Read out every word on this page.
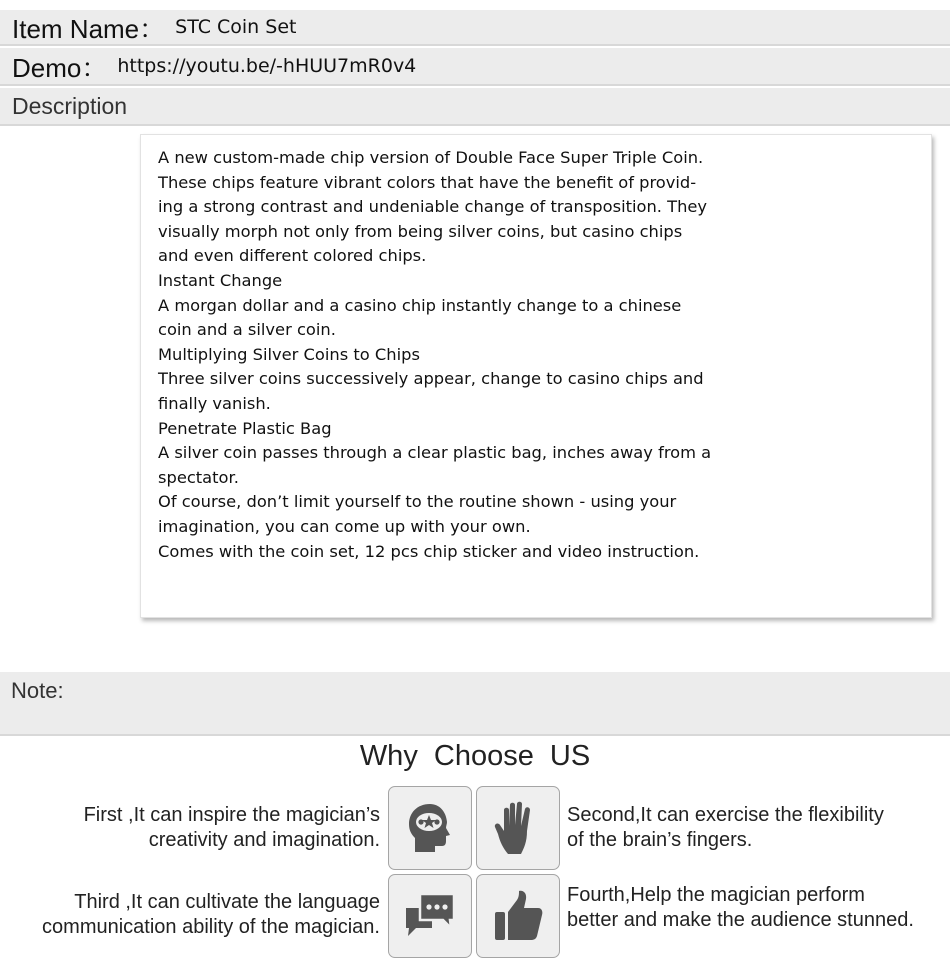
Item Name： STC Coin Set
Demo： https://youtu.be/-hHUU7mR0v4
Description

A new custom-made chip version of Double Face Super Triple Coin.

These chips feature vibrant colors that have the benefit of provid-

ing a strong contrast and undeniable change of transposition. They

visually morph not only from being silver coins, but casino chips

and even different colored chips.

Instant Change

A morgan dollar and a casino chip instantly change to a chinese

coin and a silver coin.

Multiplying Silver Coins to Chips

Three silver coins successively appear, change to casino chips and

finally vanish.

Penetrate Plastic Bag

A silver coin passes through a clear plastic bag, inches away from a

spectator.

Of course, don’t limit yourself to the routine shown - using your

imagination, you can come up with your own.

Comes with the coin set, 12 pcs chip sticker and video instruction.

Note:
Why Choose US
First ,It can inspire the magician’s
creativity and imagination.
Second,It can exercise the flexibility
of the brain’s fingers.
Third ,It can cultivate the language
communication ability of the magician.
Fourth,Help the magician perform
better and make the audience stunned.
